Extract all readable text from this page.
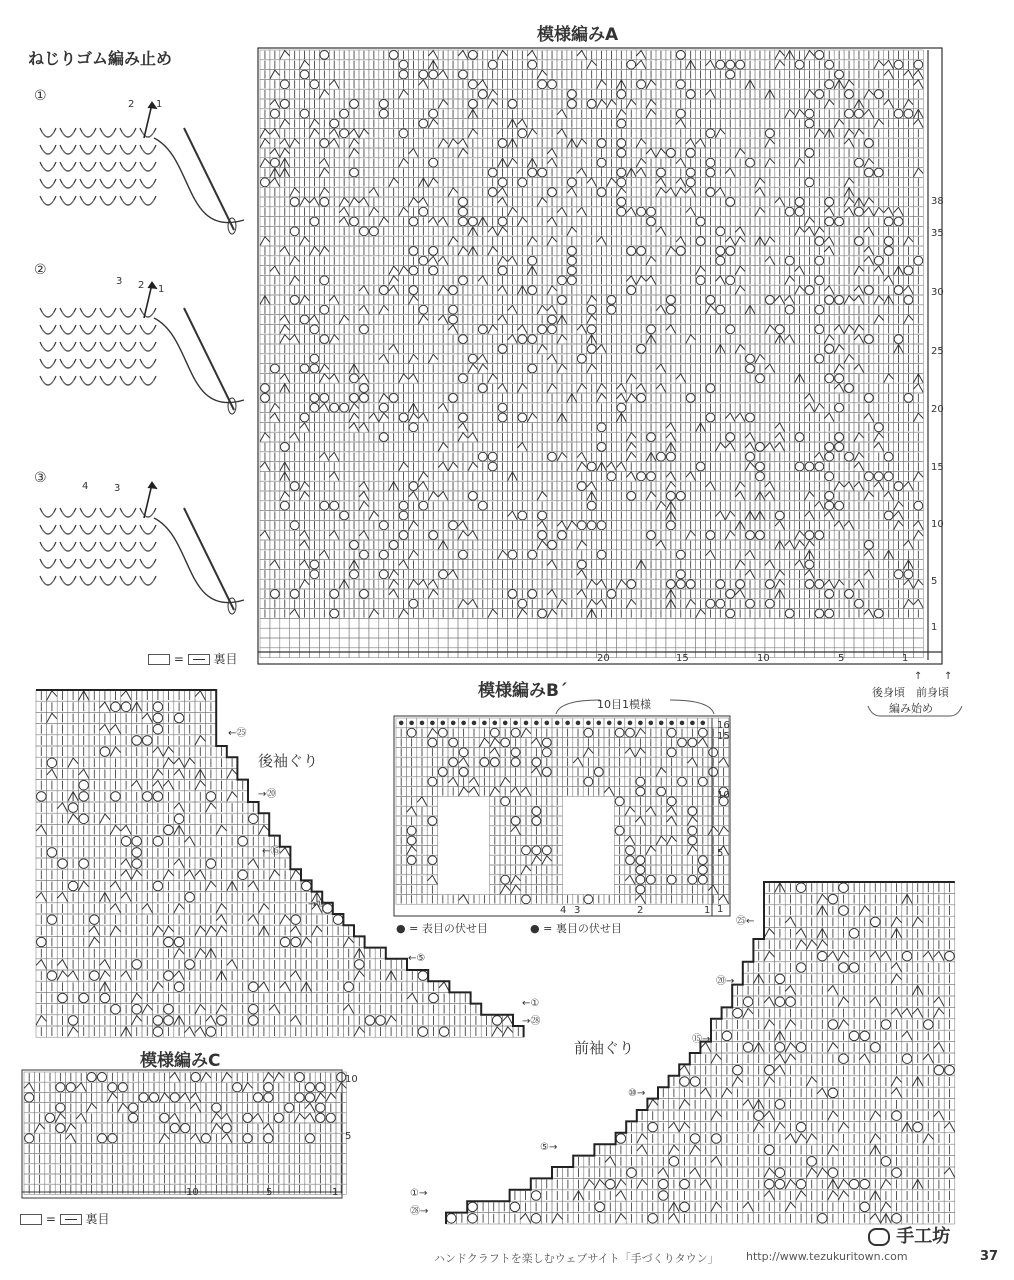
ねじりゴム編み止め
①
②
③
2 1
3 2 1
4	3
= 裏目
模様編みA
38
35
30
25
20
15
10
5
1
20	15	10	5	1
↑ ↑
後身頃 前身頃
編み始め
模様編みB´
10目1模様
16
15
10
5
1
4 3	2	1
● = 表目の伏せ目	● = 裏目の伏せ目
後袖ぐり
←㉕
→⑳
←⑮
→⑩
←⑤
←①
→㉘
前袖ぐり
㉕←
⑳→
⑮→
⑩→
⑤→
①→
㉘→
模様編みC
10
5
10	5	1
= 裏目
手工坊
ハンドクラフトを楽しむウェブサイト「手づくりタウン」 http://www.tezukuritown.com	37
